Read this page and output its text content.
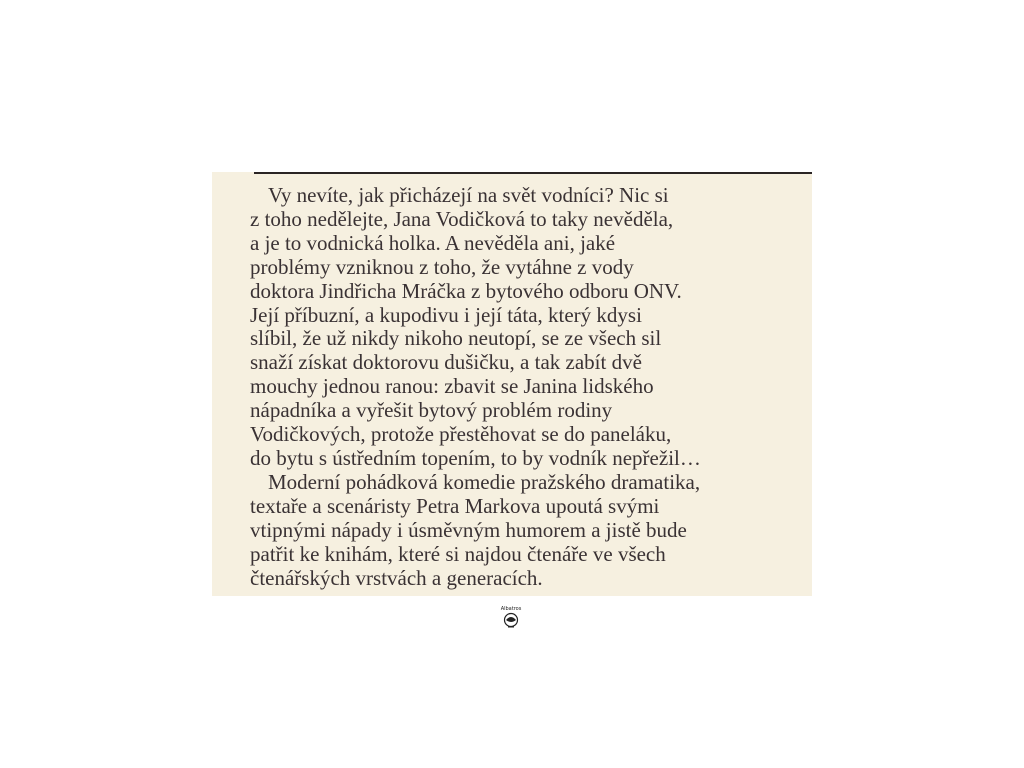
Vy nevíte, jak přicházejí na svět vodníci? Nic si
z toho nedělejte, Jana Vodičková to taky nevěděla,
a je to vodnická holka. A nevěděla ani, jaké
problémy vzniknou z toho, že vytáhne z vody
doktora Jindřicha Mráčka z bytového odboru ONV.
Její příbuzní, a kupodivu i její táta, který kdysi
slíbil, že už nikdy nikoho neutopí, se ze všech sil
snaží získat doktorovu dušičku, a tak zabít dvě
mouchy jednou ranou: zbavit se Janina lidského
nápadníka a vyřešit bytový problém rodiny
Vodičkových, protože přestěhovat se do paneláku,
do bytu s ústředním topením, to by vodník nepřežil…
Moderní pohádková komedie pražského dramatika,
textaře a scenáristy Petra Markova upoutá svými
vtipnými nápady i úsměvným humorem a jistě bude
patřit ke knihám, které si najdou čtenáře ve všech
čtenářských vrstvách a generacích.

Albatros
